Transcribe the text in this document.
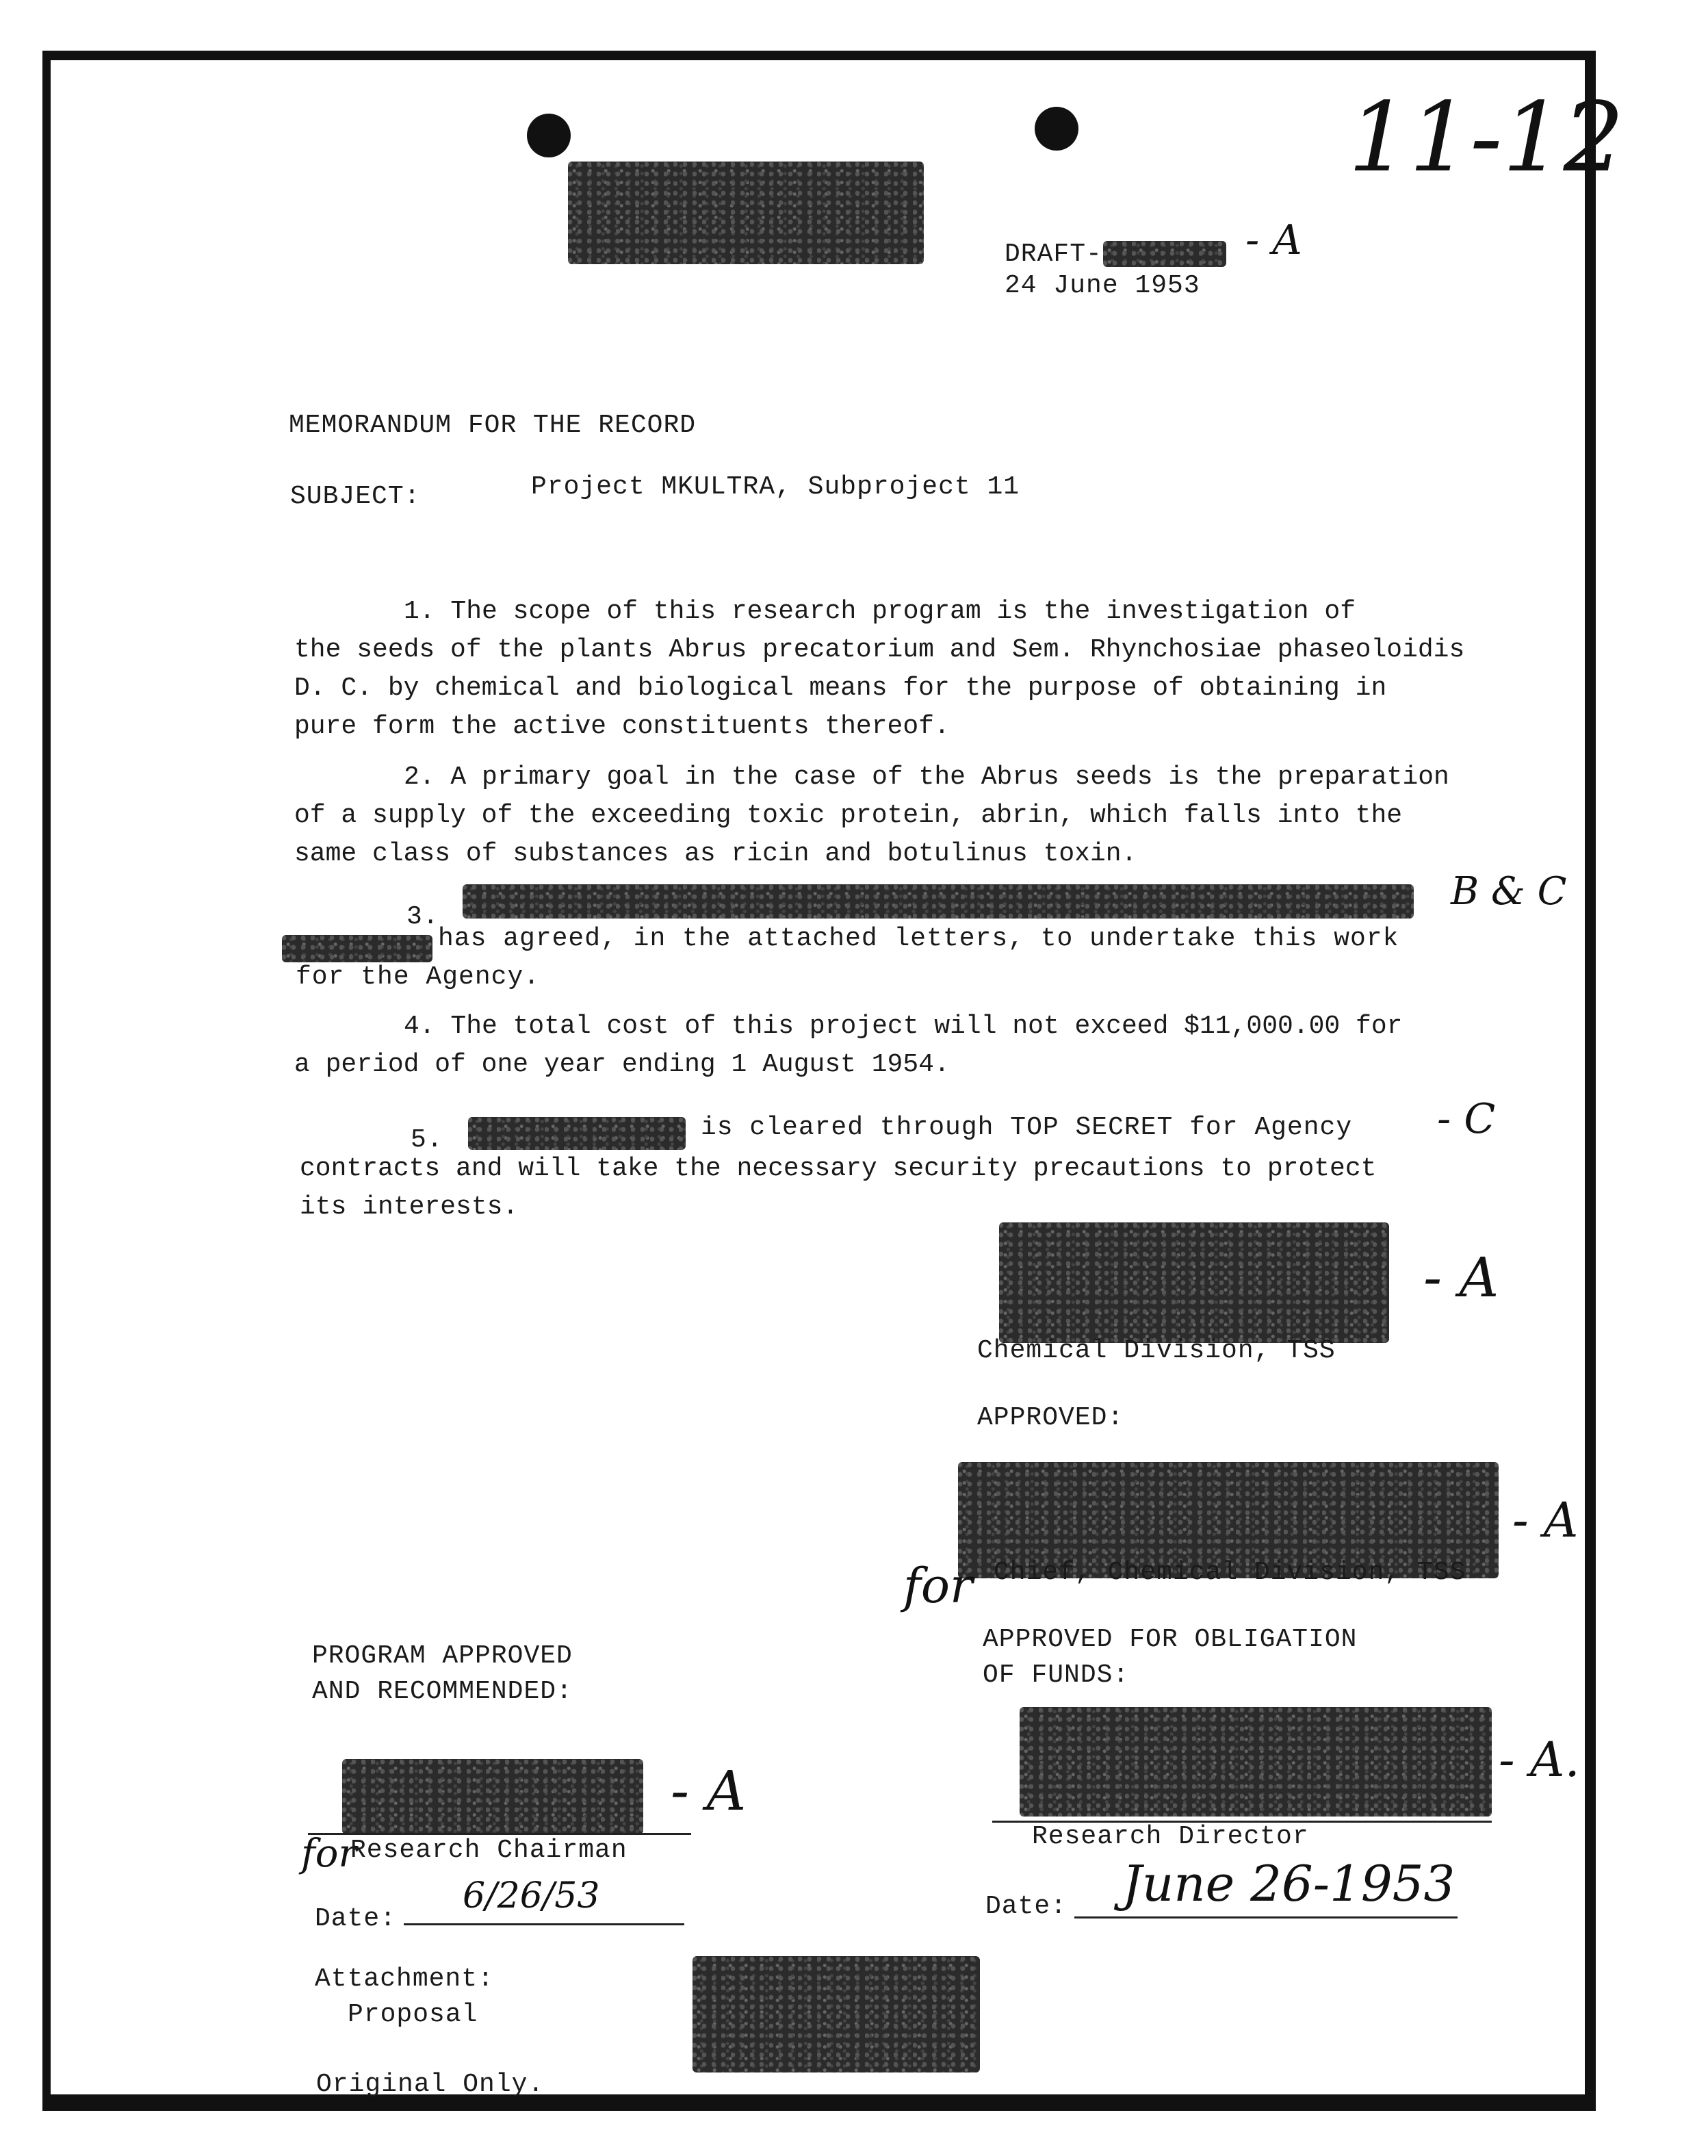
11-12
DRAFT-	- A
24 June 1953
MEMORANDUM FOR THE RECORD
SUBJECT:	Project MKULTRA, Subproject 11
1. The scope of this research program is the investigation of
the seeds of the plants Abrus precatorium and Sem. Rhynchosiae phaseoloidis
D. C. by chemical and biological means for the purpose of obtaining in
pure form the active constituents thereof.
2. A primary goal in the case of the Abrus seeds is the preparation
of a supply of the exceeding toxic protein, abrin, which falls into the
same class of substances as ricin and botulinus toxin.
3.
B & C
has agreed, in the attached letters, to undertake this work
for the Agency.
4. The total cost of this project will not exceed $11,000.00 for
a period of one year ending 1 August 1954.
5.	is cleared through TOP SECRET for Agency - C
contracts and will take the necessary security precautions to protect
its interests.
- A
Chemical Division, TSS
APPROVED:
- A
for Chief, Chemical Division, TSS
PROGRAM APPROVED
AND RECOMMENDED:
APPROVED FOR OBLIGATION
OF FUNDS:
- A
for
Research Chairman
- A.
Research Director
Date:
6/26/53	Date: June 26-1953
Attachment:
Proposal
Original Only.
